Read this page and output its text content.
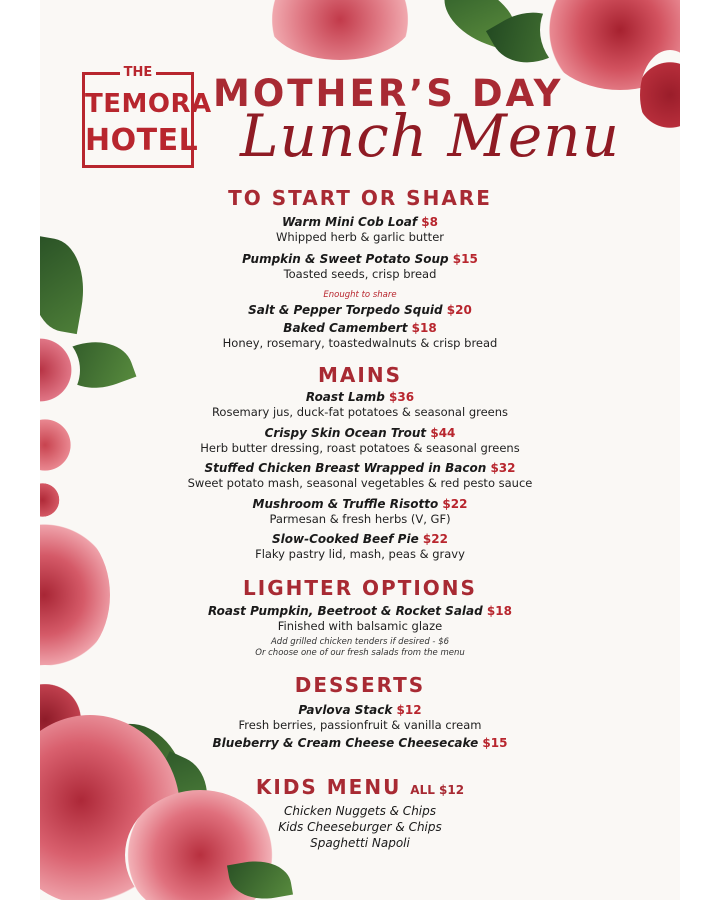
THE
TEMORA
HOTEL
MOTHER’S DAY
Lunch Menu
TO START OR SHARE
Warm Mini Cob Loaf $8
Whipped herb & garlic butter
Pumpkin & Sweet Potato Soup $15
Toasted seeds, crisp bread
Enought to share
Salt & Pepper Torpedo Squid $20
Baked Camembert $18
Honey, rosemary, toastedwalnuts & crisp bread
MAINS
Roast Lamb $36
Rosemary jus, duck-fat potatoes & seasonal greens
Crispy Skin Ocean Trout $44
Herb butter dressing, roast potatoes & seasonal greens
Stuffed Chicken Breast Wrapped in Bacon $32
Sweet potato mash, seasonal vegetables & red pesto sauce
Mushroom & Truffle Risotto $22
Parmesan & fresh herbs (V, GF)
Slow-Cooked Beef Pie $22
Flaky pastry lid, mash, peas & gravy
LIGHTER OPTIONS
Roast Pumpkin, Beetroot & Rocket Salad $18
Finished with balsamic glaze
Add grilled chicken tenders if desired - $6
Or choose one of our fresh salads from the menu
DESSERTS
Pavlova Stack $12
Fresh berries, passionfruit & vanilla cream
Blueberry & Cream Cheese Cheesecake $15
KIDS MENU ALL $12
Chicken Nuggets & Chips
Kids Cheeseburger & Chips
Spaghetti Napoli
